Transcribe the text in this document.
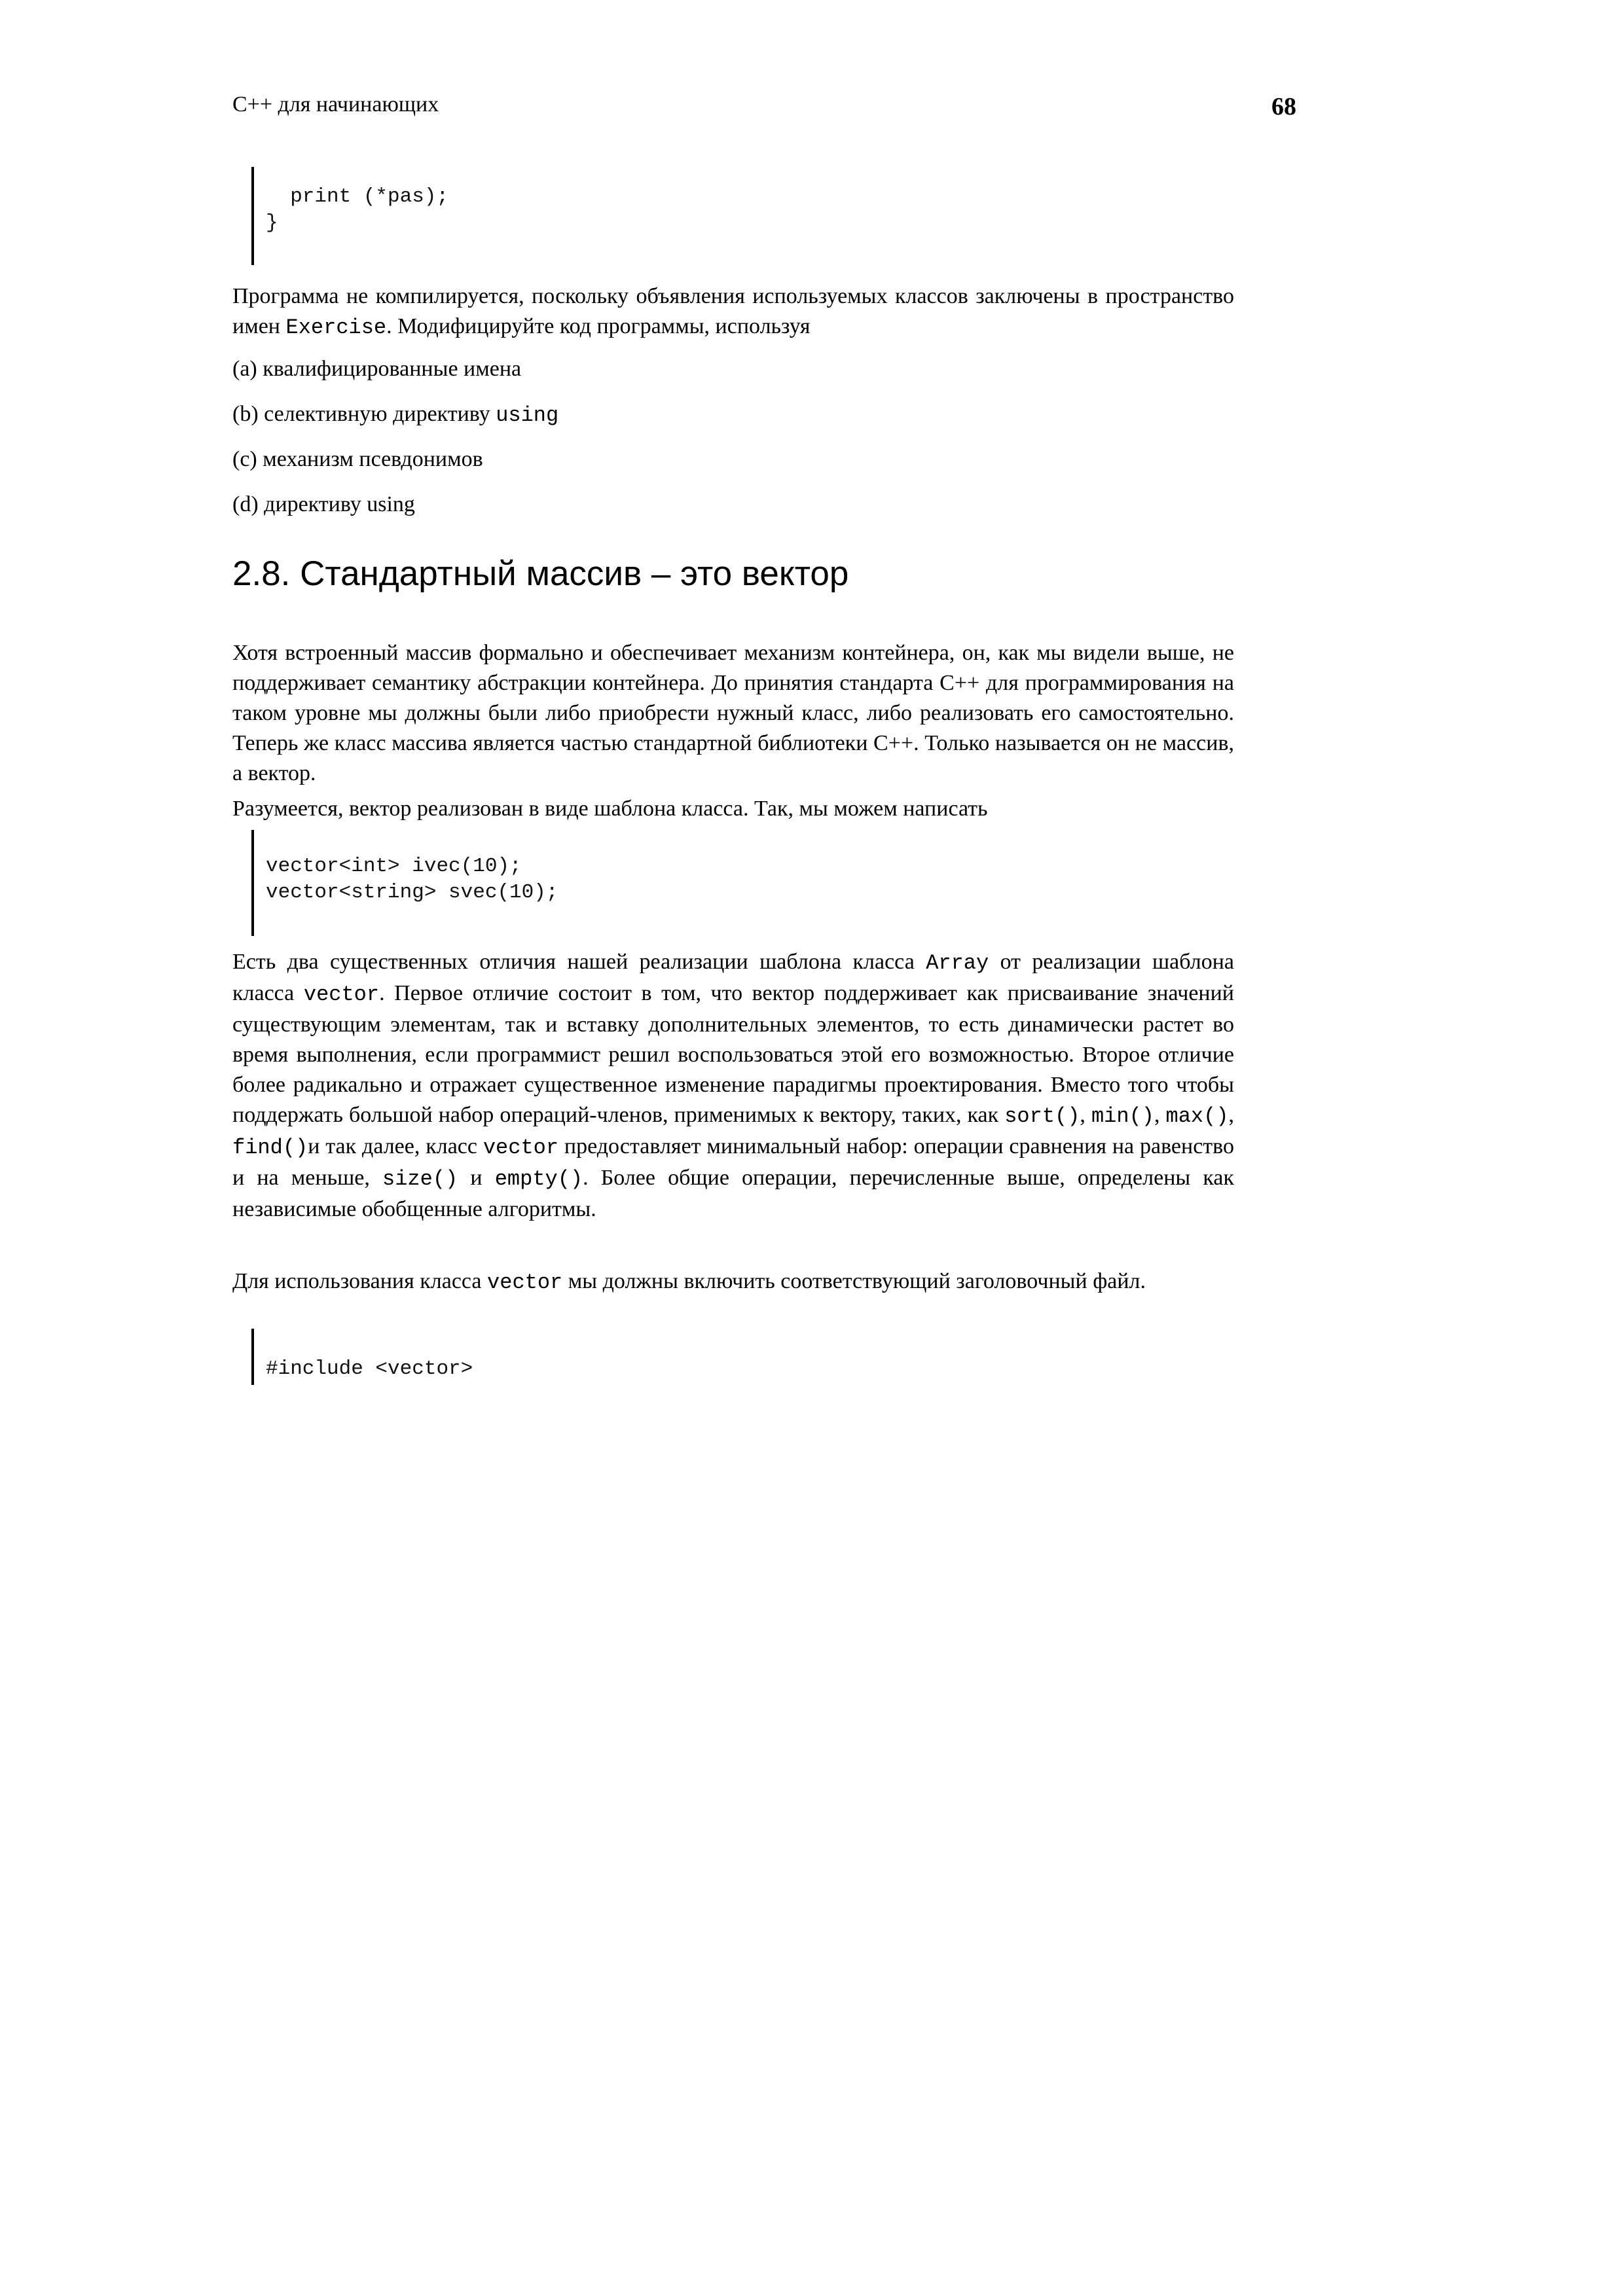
C++ для начинающих	68
print (*pas);
}
Программа не компилируется, поскольку объявления используемых классов заключены в пространство имен Exercise. Модифицируйте код программы, используя
(a) квалифицированные имена
(b) селективную директиву using
(c) механизм псевдонимов
(d) директиву using
2.8. Стандартный массив – это вектор
Хотя встроенный массив формально и обеспечивает механизм контейнера, он, как мы видели выше, не поддерживает семантику абстракции контейнера. До принятия стандарта C++ для программирования на таком уровне мы должны были либо приобрести нужный класс, либо реализовать его самостоятельно. Теперь же класс массива является частью стандартной библиотеки C++. Только называется он не массив, а вектор.
Разумеется, вектор реализован в виде шаблона класса. Так, мы можем написать
vector<int> ivec(10);
vector<string> svec(10);
Есть два существенных отличия нашей реализации шаблона класса Array от реализации шаблона класса vector. Первое отличие состоит в том, что вектор поддерживает как присваивание значений существующим элементам, так и вставку дополнительных элементов, то есть динамически растет во время выполнения, если программист решил воспользоваться этой его возможностью. Второе отличие более радикально и отражает существенное изменение парадигмы проектирования. Вместо того чтобы поддержать большой набор операций-членов, применимых к вектору, таких, как sort(), min(), max(), find()и так далее, класс vector предоставляет минимальный набор: операции сравнения на равенство и на меньше, size() и empty(). Более общие операции, перечисленные выше, определены как независимые обобщенные алгоритмы.
Для использования класса vector мы должны включить соответствующий заголовочный файл.
#include <vector>
